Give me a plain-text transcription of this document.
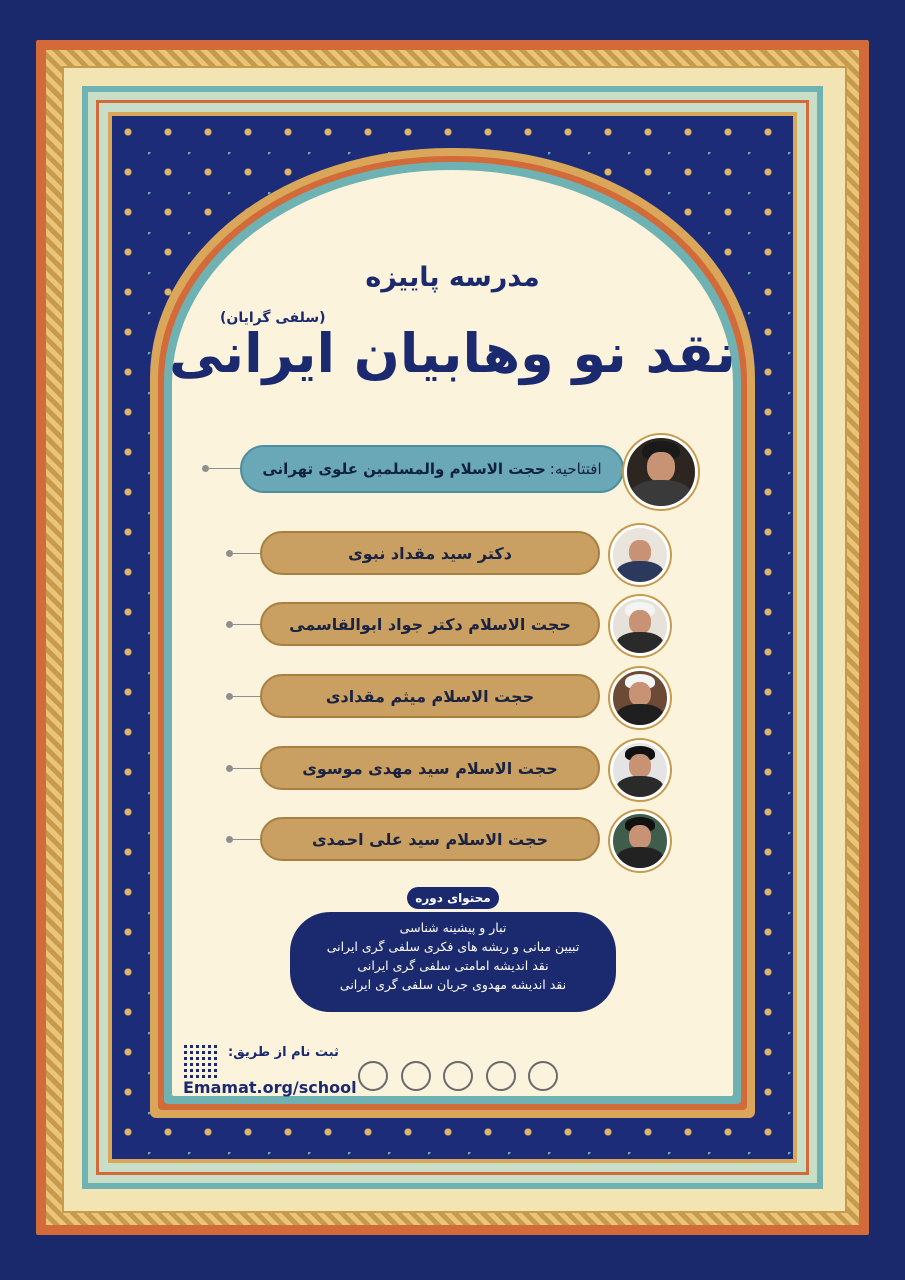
مدرسه پاییزه
(سلفی گرایان)
نقد نو وهابیان ایرانی
افتتاحیه:
حجت الاسلام والمسلمین علوی تهرانی
دکتر سید مقداد نبوی
حجت الاسلام دکتر جواد ابوالقاسمی
حجت الاسلام میثم مقدادی
حجت الاسلام سید مهدی موسوی
حجت الاسلام سید علی احمدی
محتوای دوره
تبار و پیشینه شناسی
تبیین مبانی و ریشه های فکری سلفی گری ایرانی
نقد اندیشه امامتی سلفی گری ایرانی
نقد اندیشه مهدوی جریان سلفی گری ایرانی
ثبت نام از طریق:
Emamat.org/school
